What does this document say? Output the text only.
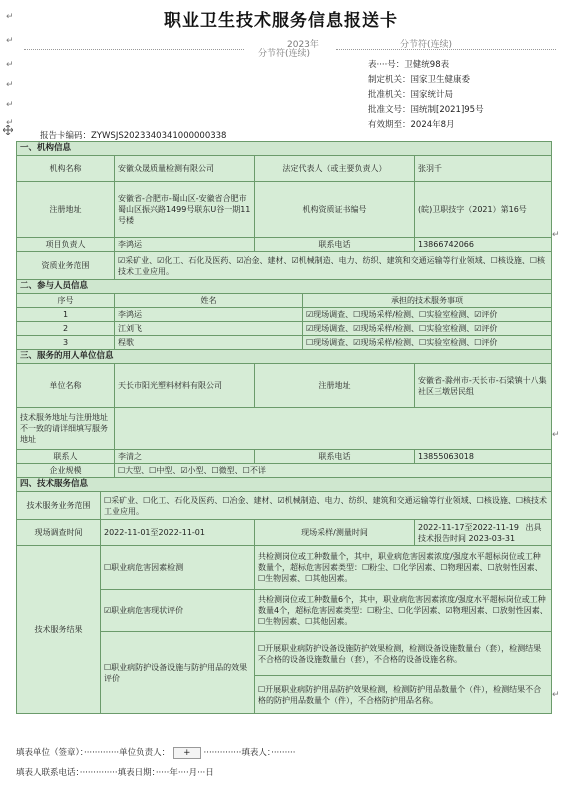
职业卫生技术服务信息报送卡
↵
↵
↵
↵
↵
↵
↵
↵
↵
2023年
分节符(连续)
分节符(连续)
表····号：卫健统98表
制定机关：国家卫生健康委
批准机关：国家统计局
批准文号：国统制[2021]95号
有效期至：2024年8月
报告卡编码：ZYWSJS2023340341000000338
一、机构信息					
机构名称		安徽众晟质量检测有限公司	法定代表人（或主要负责人）		张羽千
注册地址		安徽省-合肥市-蜀山区-安徽省合肥市蜀山区振兴路1499号联东U谷一期11号楼	机构资质证书编号		(皖)卫职技字（2021）第16号
项目负责人		李鸿运	联系电话		13866742066
资质业务范围		☑采矿业、☑化工、石化及医药、☑冶金、建材、☑机械制造、电力、纺织、建筑和交通运输等行业领域、☐核设施、☐核技术工业应用。			
二、参与人员信息					
序号		姓名		承担的技术服务事项	
1		李鸿运		☑现场调查、☐现场采样/检测、☐实验室检测、☑评价	
2		江刘飞		☑现场调查、☑现场采样/检测、☐实验室检测、☑评价	
3		程歌		☐现场调查、☑现场采样/检测、☐实验室检测、☐评价	
三、服务的用人单位信息					
单位名称		天长市阳光塑料材料有限公司	注册地址		安徽省-滁州市-天长市-石梁镇十八集社区三墩居民组
技术服务地址与注册地址不一致的请详细填写服务地址					
联系人		李清之	联系电话		13855063018
企业规模		☐大型、☐中型、☑小型、☐微型、☐不详			
四、技术服务信息					
技术服务业务范围	☐采矿业、☐化工、石化及医药、☐冶金、建材、☑机械制造、电力、纺织、建筑和交通运输等行业领域、☐核设施、☐核技术工业应用。				
现场调查时间	2022-11-01至2022-11-01		现场采样/测量时间		2022-11-17至2022-11-19 出具技术报告时间 2023-03-31
技术服务结果	☐职业病危害因素检测		共检测岗位或工种数量个，其中，职业病危害因素浓度/强度水平超标岗位或工种数量个，超标危害因素类型：☐粉尘、☐化学因素、☐物理因素、☐放射性因素、☐生物因素、☐其他因素。		
	☑职业病危害现状评价		共检测岗位或工种数量6个，其中，职业病危害因素浓度/强度水平超标岗位或工种数量4个，超标危害因素类型：☐粉尘、☐化学因素、☑物理因素、☐放射性因素、☐生物因素、☐其他因素。		
	☐职业病防护设备设施与防护用品的效果评价		☐开展职业病防护设备设施防护效果检测，检测设备设施数量台（套），检测结果不合格的设备设施数量台（套），不合格的设备设施名称。		
			☐开展职业病防护用品防护效果检测，检测防护用品数量个（件），检测结果不合格的防护用品数量个（件），不合格防护用品名称。		
填表单位（签章）：·············单位负责人： + ··············填表人：·········
填表人联系电话：··············填表日期：·····年····月···日
